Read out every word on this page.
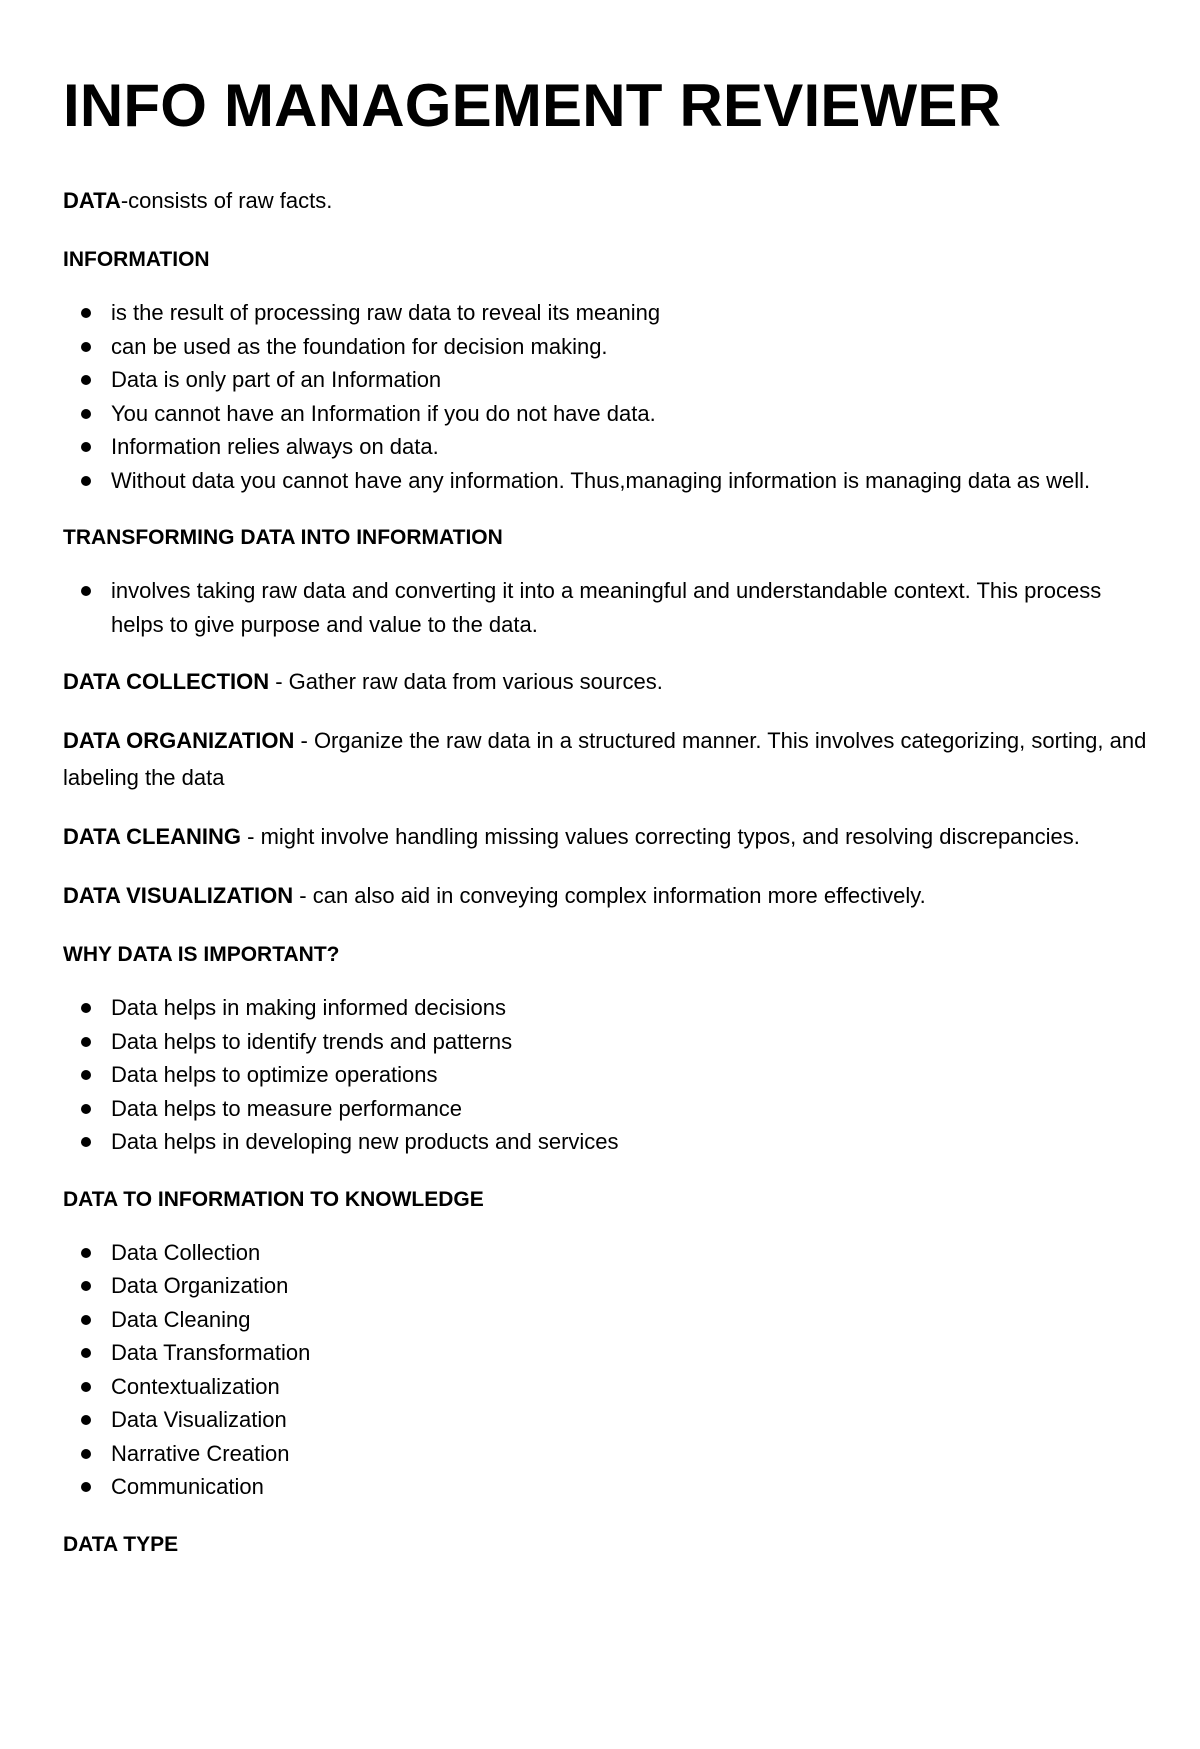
INFO MANAGEMENT REVIEWER

DATA-consists of raw facts.

INFORMATION

is the result of processing raw data to reveal its meaning
can be used as the foundation for decision making.
Data is only part of an Information
You cannot have an Information if you do not have data.
Information relies always on data.
Without data you cannot have any information. Thus,managing information is managing data as well.

TRANSFORMING DATA INTO INFORMATION

involves taking raw data and converting it into a meaningful and understandable context. This process helps to give purpose and value to the data.

DATA COLLECTION - Gather raw data from various sources.

DATA ORGANIZATION - Organize the raw data in a structured manner. This involves categorizing, sorting, and labeling the data

DATA CLEANING - might involve handling missing values correcting typos, and resolving discrepancies.

DATA VISUALIZATION - can also aid in conveying complex information more effectively.

WHY DATA IS IMPORTANT?

Data helps in making informed decisions
Data helps to identify trends and patterns
Data helps to optimize operations
Data helps to measure performance
Data helps in developing new products and services

DATA TO INFORMATION TO KNOWLEDGE

Data Collection
Data Organization
Data Cleaning
Data Transformation
Contextualization
Data Visualization
Narrative Creation
Communication

DATA TYPE
